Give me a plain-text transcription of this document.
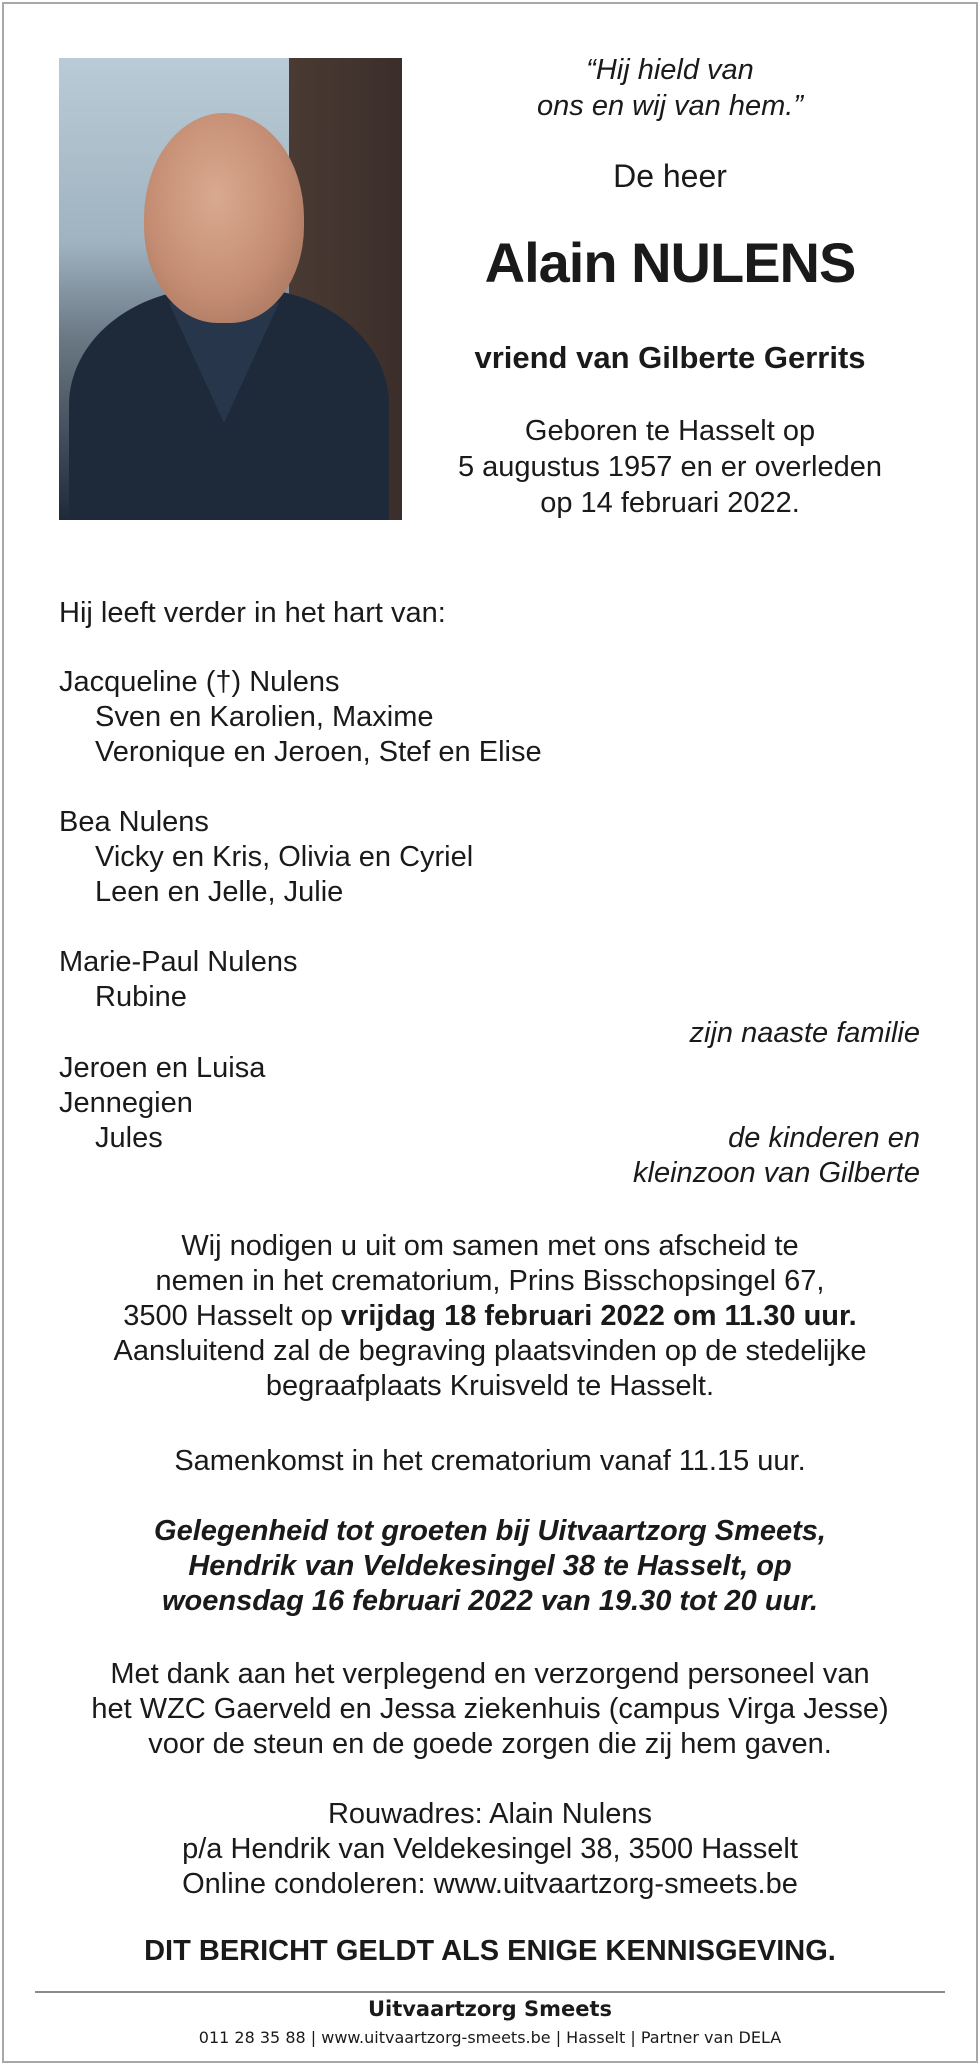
“Hij hield van
ons en wij van hem.”
De heer
Alain NULENS
vriend van Gilberte Gerrits
Geboren te Hasselt op
5 augustus 1957 en er overleden
op 14 februari 2022.
Hij leeft verder in het hart van:
Jacqueline (†) Nulens
Sven en Karolien, Maxime
Veronique en Jeroen, Stef en Elise
Bea Nulens
Vicky en Kris, Olivia en Cyriel
Leen en Jelle, Julie
Marie-Paul Nulens
Rubine
zijn naaste familie
Jeroen en Luisa
Jennegien
Jules	de kinderen en
kleinzoon van Gilberte
Wij nodigen u uit om samen met ons afscheid te
nemen in het crematorium, Prins Bisschopsingel 67,
3500 Hasselt op vrijdag 18 februari 2022 om 11.30 uur.
Aansluitend zal de begraving plaatsvinden op de stedelijke
begraafplaats Kruisveld te Hasselt.
Samenkomst in het crematorium vanaf 11.15 uur.
Gelegenheid tot groeten bij Uitvaartzorg Smeets,
Hendrik van Veldekesingel 38 te Hasselt, op
woensdag 16 februari 2022 van 19.30 tot 20 uur.
Met dank aan het verplegend en verzorgend personeel van
het WZC Gaerveld en Jessa ziekenhuis (campus Virga Jesse)
voor de steun en de goede zorgen die zij hem gaven.
Rouwadres: Alain Nulens
p/a Hendrik van Veldekesingel 38, 3500 Hasselt
Online condoleren: www.uitvaartzorg-smeets.be
DIT BERICHT GELDT ALS ENIGE KENNISGEVING.
Uitvaartzorg Smeets
011 28 35 88 | www.uitvaartzorg-smeets.be | Hasselt | Partner van DELA
